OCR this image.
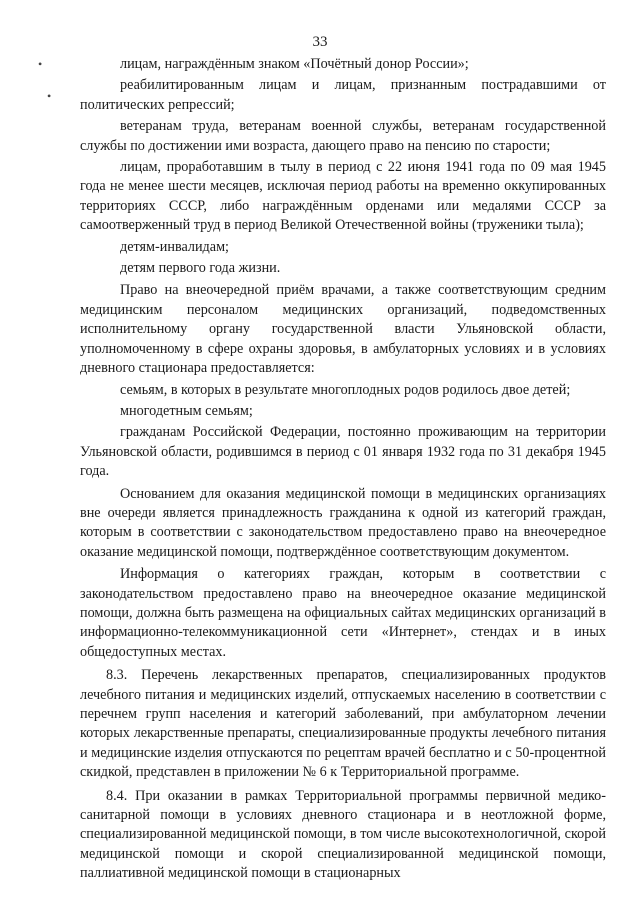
•
•
33

лицам, награждённым знаком «Почётный донор России»;

реабилитированным лицам и лицам, признанным пострадавшими от политических репрессий;

ветеранам труда, ветеранам военной службы, ветеранам государственной службы по достижении ими возраста, дающего право на пенсию по старости;

лицам, проработавшим в тылу в период с 22 июня 1941 года по 09 мая 1945 года не менее шести месяцев, исключая период работы на временно оккупированных территориях СССР, либо награждённым орденами или медалями СССР за самоотверженный труд в период Великой Отечественной войны (труженики тыла);

детям-инвалидам;

детям первого года жизни.

Право на внеочередной приём врачами, а также соответствующим средним медицинским персоналом медицинских организаций, подведомственных исполнительному органу государственной власти Ульяновской области, уполномоченному в сфере охраны здоровья, в амбулаторных условиях и в условиях дневного стационара предоставляется:

семьям, в которых в результате многоплодных родов родилось двое детей;

многодетным семьям;

гражданам Российской Федерации, постоянно проживающим на территории Ульяновской области, родившимся в период с 01 января 1932 года по 31 декабря 1945 года.

Основанием для оказания медицинской помощи в медицинских организациях вне очереди является принадлежность гражданина к одной из категорий граждан, которым в соответствии с законодательством предоставлено право на внеочередное оказание медицинской помощи, подтверждённое соответствующим документом.

Информация о категориях граждан, которым в соответствии с законодательством предоставлено право на внеочередное оказание медицинской помощи, должна быть размещена на официальных сайтах медицинских организаций в информационно-телекоммуникационной сети «Интернет», стендах и в иных общедоступных местах.

8.3. Перечень лекарственных препаратов, специализированных продуктов лечебного питания и медицинских изделий, отпускаемых населению в соответствии с перечнем групп населения и категорий заболеваний, при амбулаторном лечении которых лекарственные препараты, специализированные продукты лечебного питания и медицинские изделия отпускаются по рецептам врачей бесплатно и с 50-процентной скидкой, представлен в приложении № 6 к Территориальной программе.

8.4. При оказании в рамках Территориальной программы первичной медико-санитарной помощи в условиях дневного стационара и в неотложной форме, специализированной медицинской помощи, в том числе высокотехнологичной, скорой медицинской помощи и скорой специализированной медицинской помощи, паллиативной медицинской помощи в стационарных
